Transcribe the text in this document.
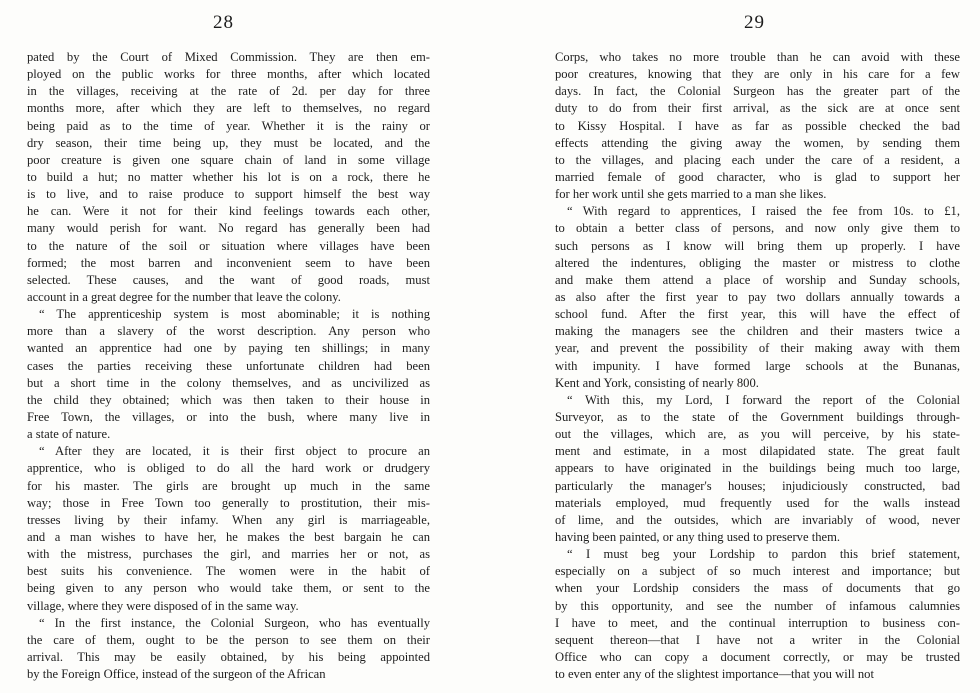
28
pated by the Court of Mixed Commission. They are then em-
ployed on the public works for three months, after which located
in the villages, receiving at the rate of 2d. per day for three
months more, after which they are left to themselves, no regard
being paid as to the time of year. Whether it is the rainy or
dry season, their time being up, they must be located, and the
poor creature is given one square chain of land in some village
to build a hut; no matter whether his lot is on a rock, there he
is to live, and to raise produce to support himself the best way
he can. Were it not for their kind feelings towards each other,
many would perish for want. No regard has generally been had
to the nature of the soil or situation where villages have been
formed; the most barren and inconvenient seem to have been
selected. These causes, and the want of good roads, must
account in a great degree for the number that leave the colony.
“ The apprenticeship system is most abominable; it is nothing
more than a slavery of the worst description. Any person who
wanted an apprentice had one by paying ten shillings; in many
cases the parties receiving these unfortunate children had been
but a short time in the colony themselves, and as uncivilized as
the child they obtained; which was then taken to their house in
Free Town, the villages, or into the bush, where many live in
a state of nature.
“ After they are located, it is their first object to procure an
apprentice, who is obliged to do all the hard work or drudgery
for his master. The girls are brought up much in the same
way; those in Free Town too generally to prostitution, their mis-
tresses living by their infamy. When any girl is marriageable,
and a man wishes to have her, he makes the best bargain he can
with the mistress, purchases the girl, and marries her or not, as
best suits his convenience. The women were in the habit of
being given to any person who would take them, or sent to the
village, where they were disposed of in the same way.
“ In the first instance, the Colonial Surgeon, who has eventually
the care of them, ought to be the person to see them on their
arrival. This may be easily obtained, by his being appointed
by the Foreign Office, instead of the surgeon of the African
29
Corps, who takes no more trouble than he can avoid with these
poor creatures, knowing that they are only in his care for a few
days. In fact, the Colonial Surgeon has the greater part of the
duty to do from their first arrival, as the sick are at once sent
to Kissy Hospital. I have as far as possible checked the bad
effects attending the giving away the women, by sending them
to the villages, and placing each under the care of a resident, a
married female of good character, who is glad to support her
for her work until she gets married to a man she likes.
“ With regard to apprentices, I raised the fee from 10s. to £1,
to obtain a better class of persons, and now only give them to
such persons as I know will bring them up properly. I have
altered the indentures, obliging the master or mistress to clothe
and make them attend a place of worship and Sunday schools,
as also after the first year to pay two dollars annually towards a
school fund. After the first year, this will have the effect of
making the managers see the children and their masters twice a
year, and prevent the possibility of their making away with them
with impunity. I have formed large schools at the Bunanas,
Kent and York, consisting of nearly 800.
“ With this, my Lord, I forward the report of the Colonial
Surveyor, as to the state of the Government buildings through-
out the villages, which are, as you will perceive, by his state-
ment and estimate, in a most dilapidated state. The great fault
appears to have originated in the buildings being much too large,
particularly the manager's houses; injudiciously constructed, bad
materials employed, mud frequently used for the walls instead
of lime, and the outsides, which are invariably of wood, never
having been painted, or any thing used to preserve them.
“ I must beg your Lordship to pardon this brief statement,
especially on a subject of so much interest and importance; but
when your Lordship considers the mass of documents that go
by this opportunity, and see the number of infamous calumnies
I have to meet, and the continual interruption to business con-
sequent thereon—that I have not a writer in the Colonial
Office who can copy a document correctly, or may be trusted
to even enter any of the slightest importance—that you will not
